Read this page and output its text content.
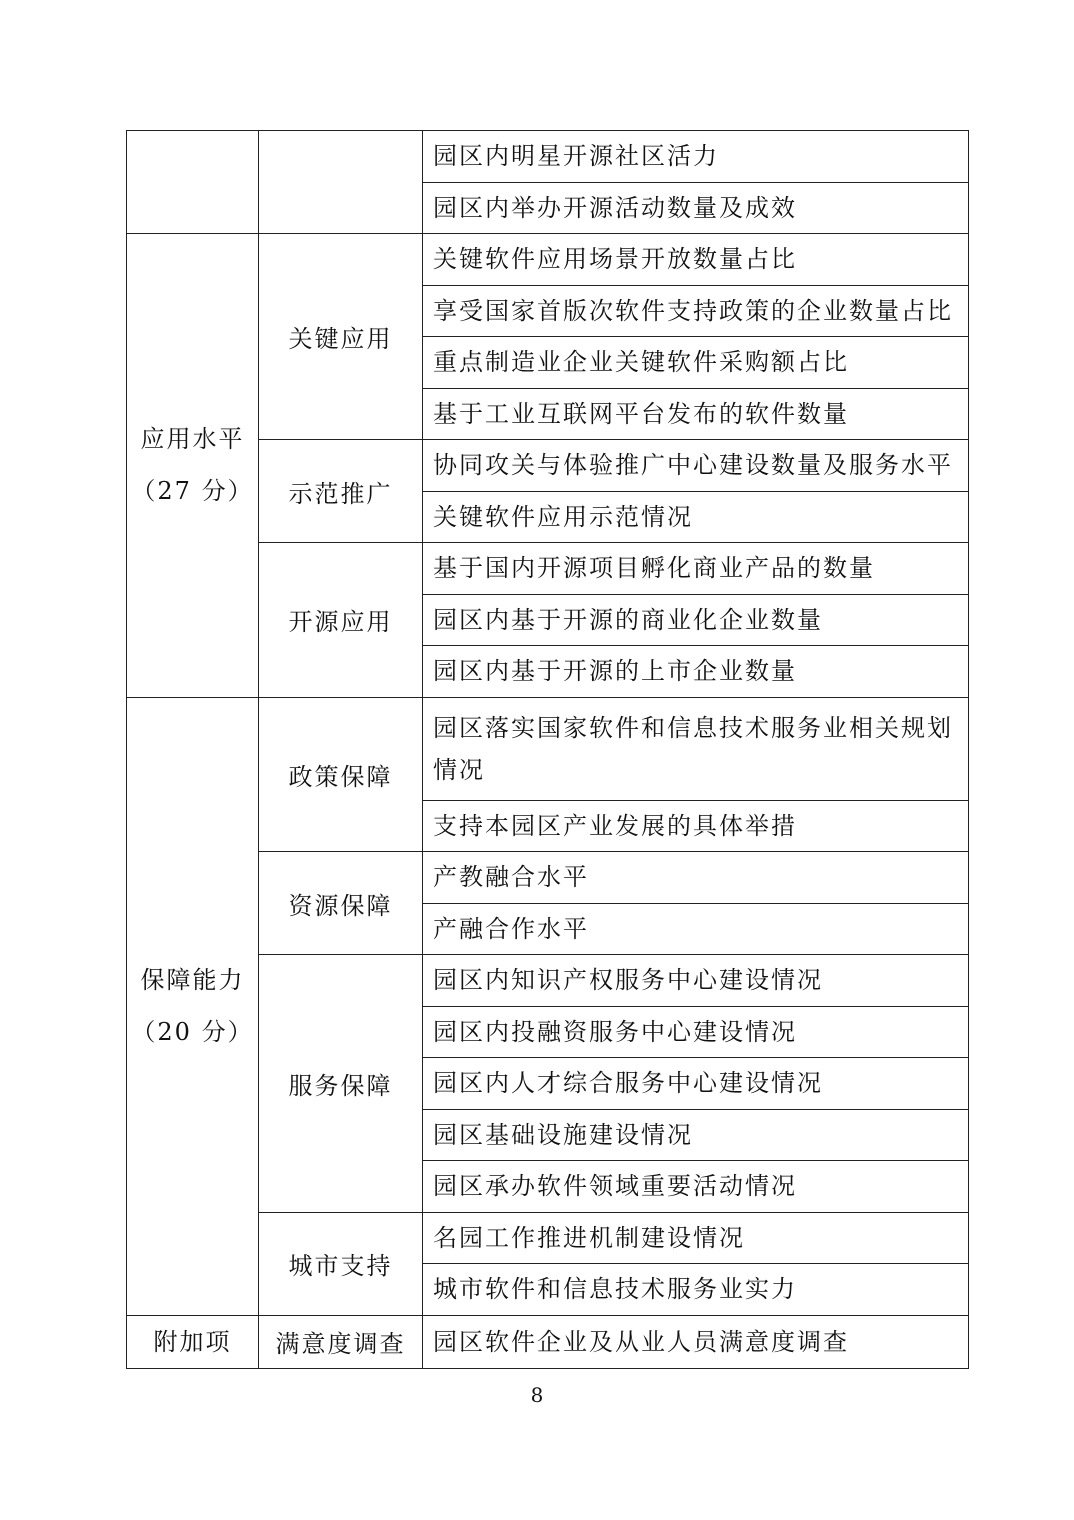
		园区内明星开源社区活力

		园区内举办开源活动数量及成效

应用水平
（27 分）	关键应用	关键软件应用场景开放数量占比

		享受国家首版次软件支持政策的企业数量占比

		重点制造业企业关键软件采购额占比

		基于工业互联网平台发布的软件数量

	示范推广	协同攻关与体验推广中心建设数量及服务水平

		关键软件应用示范情况

	开源应用	基于国内开源项目孵化商业产品的数量

		园区内基于开源的商业化企业数量

		园区内基于开源的上市企业数量

保障能力
（20 分）	政策保障	园区落实国家软件和信息技术服务业相关规划
情况

		支持本园区产业发展的具体举措

	资源保障	产教融合水平

		产融合作水平

	服务保障	园区内知识产权服务中心建设情况

		园区内投融资服务中心建设情况

		园区内人才综合服务中心建设情况

		园区基础设施建设情况

		园区承办软件领域重要活动情况

	城市支持	名园工作推进机制建设情况

		城市软件和信息技术服务业实力

附加项	满意度调查	园区软件企业及从业人员满意度调查
8
